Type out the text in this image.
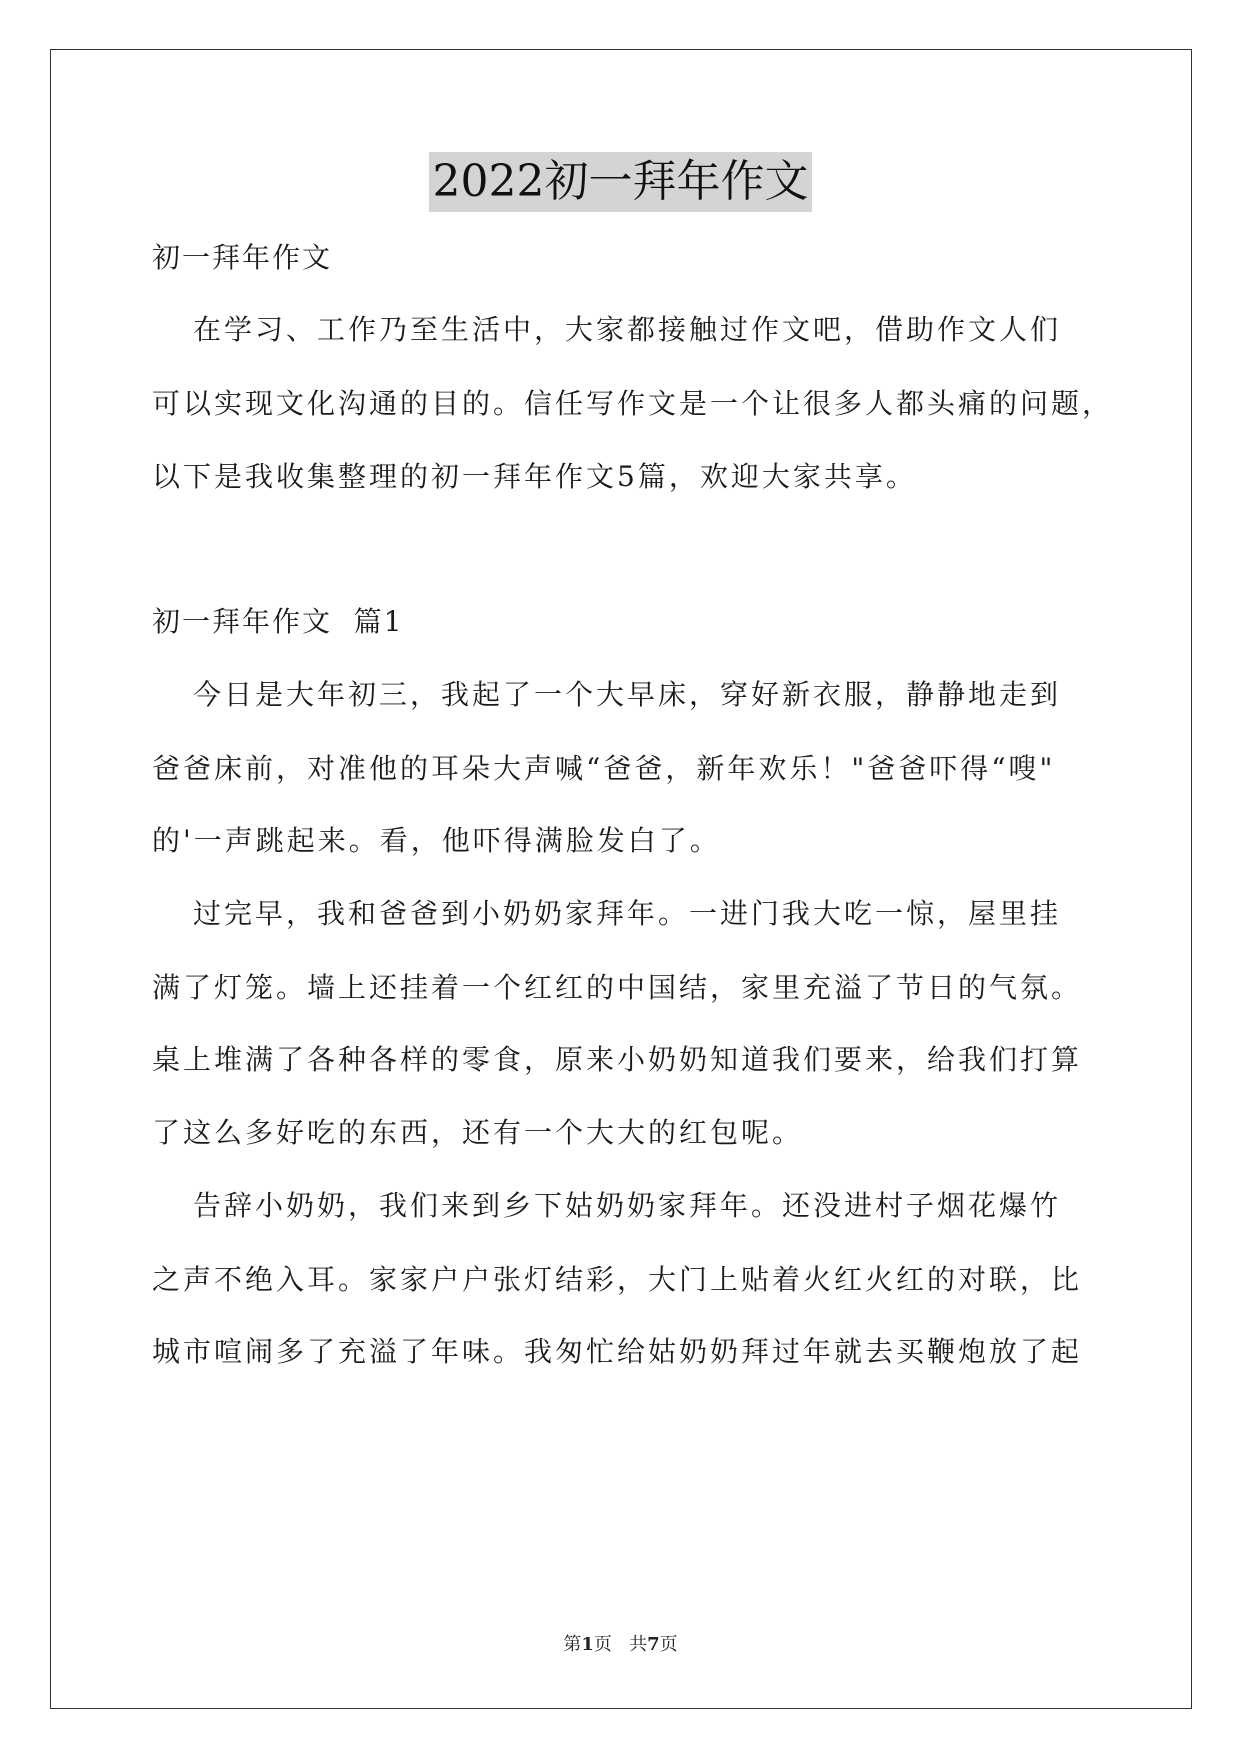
2022初一拜年作文
初一拜年作文
在学习、工作乃至生活中，大家都接触过作文吧，借助作文人们
可以实现文化沟通的目的。信任写作文是一个让很多人都头痛的问题，
以下是我收集整理的初一拜年作文5篇，欢迎大家共享。
初一拜年作文  篇1
今日是大年初三，我起了一个大早床，穿好新衣服，静静地走到
爸爸床前，对准他的耳朵大声喊“爸爸，新年欢乐！"爸爸吓得“嗖"
的'一声跳起来。看，他吓得满脸发白了。
过完早，我和爸爸到小奶奶家拜年。一进门我大吃一惊，屋里挂
满了灯笼。墙上还挂着一个红红的中国结，家里充溢了节日的气氛。
桌上堆满了各种各样的零食，原来小奶奶知道我们要来，给我们打算
了这么多好吃的东西，还有一个大大的红包呢。
告辞小奶奶，我们来到乡下姑奶奶家拜年。还没进村子烟花爆竹
之声不绝入耳。家家户户张灯结彩，大门上贴着火红火红的对联，比
城市喧闹多了充溢了年味。我匆忙给姑奶奶拜过年就去买鞭炮放了起
第1页 共7页
